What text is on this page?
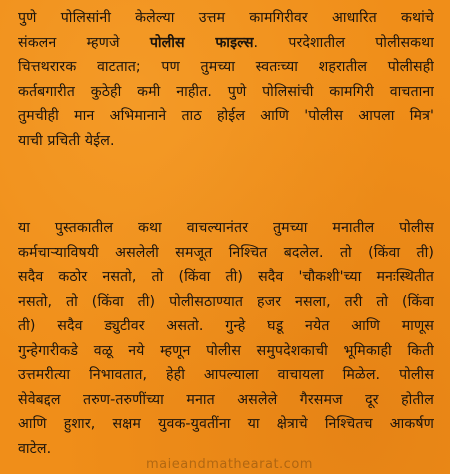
पुणे पोलिसांनी केलेल्या उत्तम कामगिरीवर आधारित कथांचे
संकलन म्हणजे पोलीस फाइल्स. परदेशातील पोलीसकथा
चित्तथरारक वाटतात; पण तुमच्या स्वतःच्या शहरातील पोलीसही
कर्तबगारीत कुठेही कमी नाहीत. पुणे पोलिसांची कामगिरी वाचताना
तुमचीही मान अभिमानाने ताठ होईल आणि 'पोलीस आपला मित्र'
याची प्रचिती येईल.

या पुस्तकातील कथा वाचल्यानंतर तुमच्या मनातील पोलीस
कर्मचाऱ्याविषयी असलेली समजूत निश्चित बदलेल. तो (किंवा ती)
सदैव कठोर नसतो, तो (किंवा ती) सदैव 'चौकशी'च्या मनःस्थितीत
नसतो, तो (किंवा ती) पोलीसठाण्यात हजर नसला, तरी तो (किंवा
ती) सदैव ड्युटीवर असतो. गुन्हे घडू नयेत आणि माणूस
गुन्हेगारीकडे वळू नये म्हणून पोलीस समुपदेशकाची भूमिकाही किती
उत्तमरीत्या निभावतात, हेही आपल्याला वाचायला मिळेल. पोलीस
सेवेबद्दल तरुण-तरुणींच्या मनात असलेले गैरसमज दूर होतील
आणि हुशार, सक्षम युवक-युवतींना या क्षेत्राचे निश्चितच आकर्षण
वाटेल.

maieandmathearat.com
